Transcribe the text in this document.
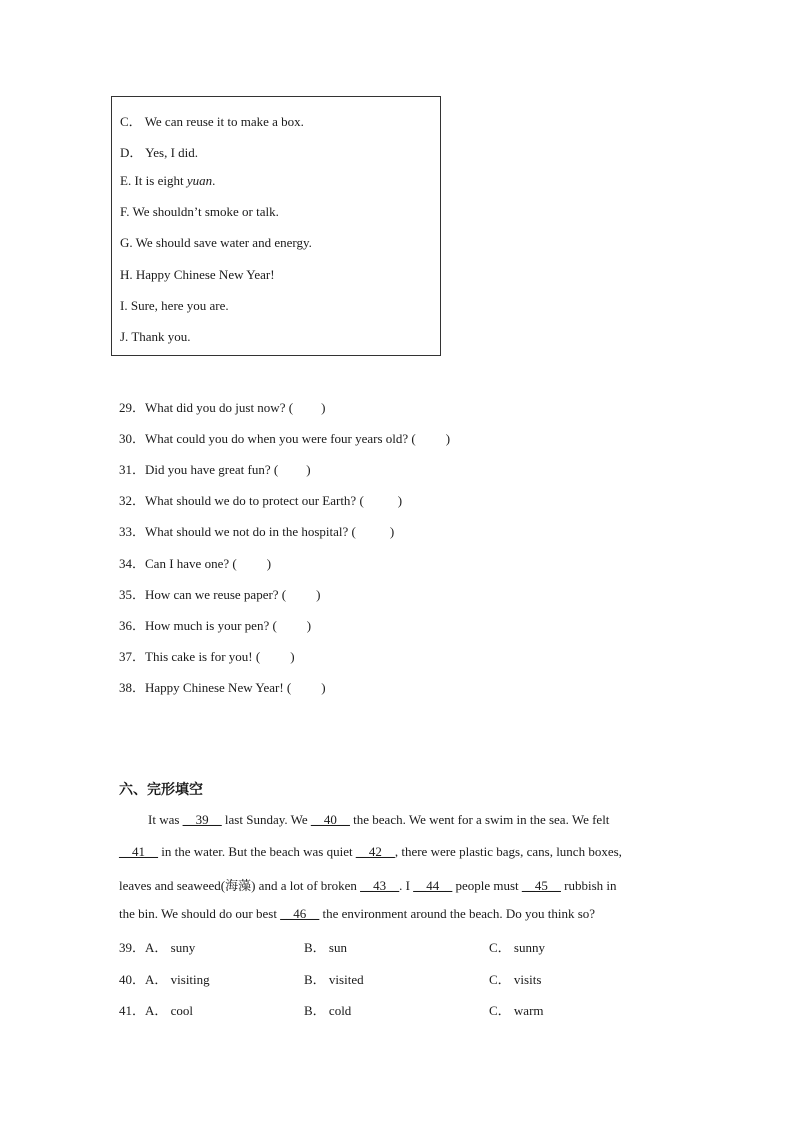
C． We can reuse it to make a box.
D． Yes, I did.
E. It is eight yuan.
F. We shouldn’t smoke or talk.
G. We should save water and energy.
H. Happy Chinese New Year!
I. Sure, here you are.
J. Thank you.
29．What did you do just now? ( )
30．What could you do when you were four years old? ( )
31．Did you have great fun? ( )
32．What should we do to protect our Earth? (	)
33．What should we not do in the hospital? (	)
34．Can I have one? ( )
35．How can we reuse paper? ( )
36．How much is your pen? ( )
37．This cake is for you! ( )
38．Happy Chinese New Year! ( )
六、完形填空
It was __39__ last Sunday. We __40__ the beach. We went for a swim in the sea. We felt
__41__ in the water. But the beach was quiet __42__, there were plastic bags, cans, lunch boxes,
leaves and seaweed(海藻) and a lot of broken __43__. I __44__ people must __45__ rubbish in
the bin. We should do our best __46__ the environment around the beach. Do you think so?
39．A． suny	B． sun	C． sunny
40．A． visiting	B． visited	C． visits
41．A． cool	B． cold	C． warm
